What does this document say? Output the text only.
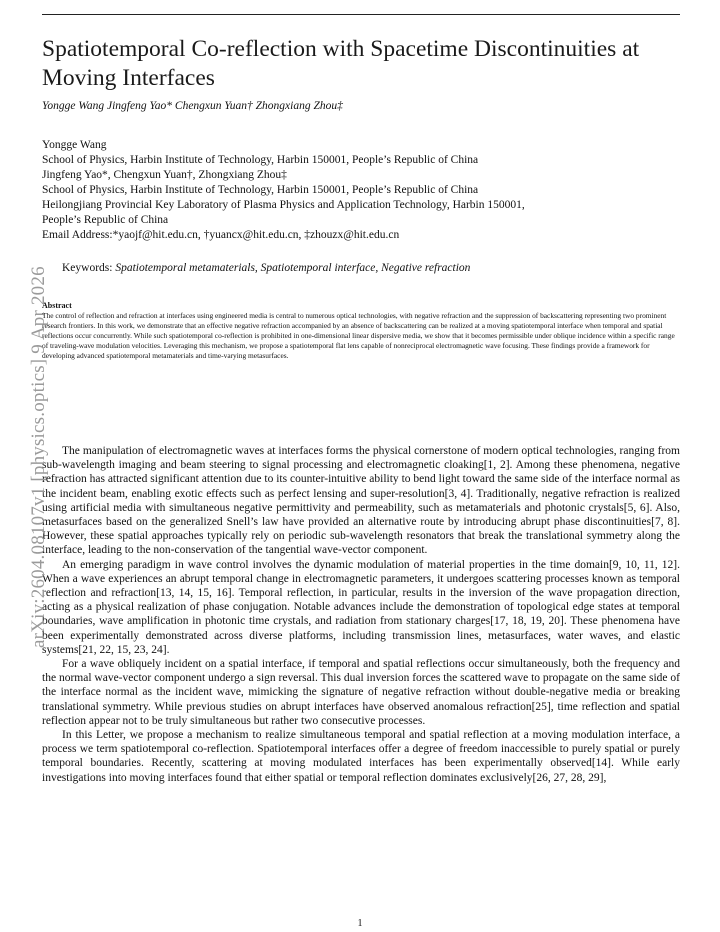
Spatiotemporal Co-reflection with Spacetime Discontinuities at Moving Interfaces
Yongge Wang Jingfeng Yao* Chengxun Yuan† Zhongxiang Zhou‡
Yongge Wang
School of Physics, Harbin Institute of Technology, Harbin 150001, People’s Republic of China
Jingfeng Yao*, Chengxun Yuan†, Zhongxiang Zhou‡
School of Physics, Harbin Institute of Technology, Harbin 150001, People’s Republic of China
Heilongjiang Provincial Key Laboratory of Plasma Physics and Application Technology, Harbin 150001,
People’s Republic of China
Email Address:*yaojf@hit.edu.cn, †yuancx@hit.edu.cn, ‡zhouzx@hit.edu.cn
Keywords: Spatiotemporal metamaterials, Spatiotemporal interface, Negative refraction
Abstract
The control of reflection and refraction at interfaces using engineered media is central to numerous optical technologies, with negative refraction and the suppression of backscattering representing two prominent research frontiers. In this work, we demonstrate that an effective negative refraction accompanied by an absence of backscattering can be realized at a moving spatiotemporal interface when temporal and spatial reflections occur concurrently. While such spatiotemporal co-reflection is prohibited in one-dimensional linear dispersive media, we show that it becomes permissible under oblique incidence within a specific range of traveling-wave modulation velocities. Leveraging this mechanism, we propose a spatiotemporal flat lens capable of nonreciprocal electromagnetic wave focusing. These findings provide a framework for developing advanced spatiotemporal metamaterials and time-varying metasurfaces.

The manipulation of electromagnetic waves at interfaces forms the physical cornerstone of modern optical technologies, ranging from sub-wavelength imaging and beam steering to signal processing and electromagnetic cloaking[1, 2]. Among these phenomena, negative refraction has attracted significant attention due to its counter-intuitive ability to bend light toward the same side of the interface normal as the incident beam, enabling exotic effects such as perfect lensing and super-resolution[3, 4]. Traditionally, negative refraction is realized using artificial media with simultaneous negative permittivity and permeability, such as metamaterials and photonic crystals[5, 6]. Also, metasurfaces based on the generalized Snell’s law have provided an alternative route by introducing abrupt phase discontinuities[7, 8]. However, these spatial approaches typically rely on periodic sub-wavelength resonators that break the translational symmetry along the interface, leading to the non-conservation of the tangential wave-vector component.

An emerging paradigm in wave control involves the dynamic modulation of material properties in the time domain[9, 10, 11, 12]. When a wave experiences an abrupt temporal change in electromagnetic parameters, it undergoes scattering processes known as temporal reflection and refraction[13, 14, 15, 16]. Temporal reflection, in particular, results in the inversion of the wave propagation direction, acting as a physical realization of phase conjugation. Notable advances include the demonstration of topological edge states at temporal boundaries, wave amplification in photonic time crystals, and radiation from stationary charges[17, 18, 19, 20]. These phenomena have been experimentally demonstrated across diverse platforms, including transmission lines, metasurfaces, water waves, and elastic systems[21, 22, 15, 23, 24].

For a wave obliquely incident on a spatial interface, if temporal and spatial reflections occur simultaneously, both the frequency and the normal wave-vector component undergo a sign reversal. This dual inversion forces the scattered wave to propagate on the same side of the interface normal as the incident wave, mimicking the signature of negative refraction without double-negative media or breaking translational symmetry. While previous studies on abrupt interfaces have observed anomalous refraction[25], time reflection and spatial reflection appear not to be truly simultaneous but rather two consecutive processes.

In this Letter, we propose a mechanism to realize simultaneous temporal and spatial reflection at a moving modulation interface, a process we term spatiotemporal co-reflection. Spatiotemporal interfaces offer a degree of freedom inaccessible to purely spatial or purely temporal boundaries. Recently, scattering at moving modulated interfaces has been experimentally observed[14]. While early investigations into moving interfaces found that either spatial or temporal reflection dominates exclusively[26, 27, 28, 29],

arXiv:2604.08107v1 [physics.optics] 9 Apr 2026
1
